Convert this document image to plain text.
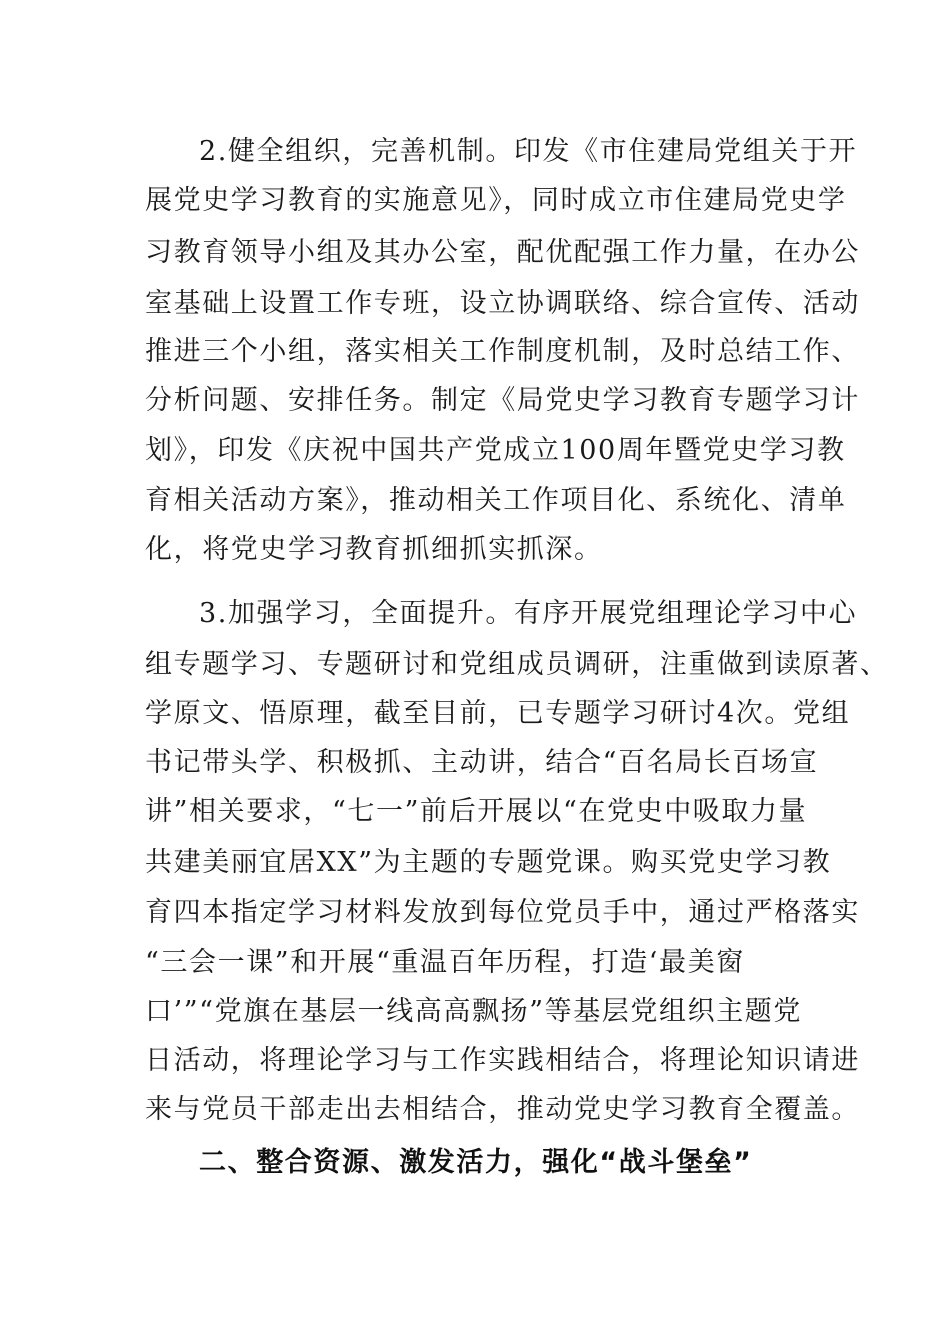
2.健全组织，完善机制。印发《市住建局党组关于开
展党史学习教育的实施意见》，同时成立市住建局党史学
习教育领导小组及其办公室，配优配强工作力量，在办公
室基础上设置工作专班，设立协调联络、综合宣传、活动
推进三个小组，落实相关工作制度机制，及时总结工作、
分析问题、安排任务。制定《局党史学习教育专题学习计
划》，印发《庆祝中国共产党成立100周年暨党史学习教
育相关活动方案》，推动相关工作项目化、系统化、清单
化，将党史学习教育抓细抓实抓深。
3.加强学习，全面提升。有序开展党组理论学习中心
组专题学习、专题研讨和党组成员调研，注重做到读原著、
学原文、悟原理，截至目前，已专题学习研讨4次。党组
书记带头学、积极抓、主动讲，结合“百名局长百场宣
讲”相关要求，“七一”前后开展以“在党史中吸取力量
共建美丽宜居XX”为主题的专题党课。购买党史学习教
育四本指定学习材料发放到每位党员手中，通过严格落实
“三会一课”和开展“重温百年历程，打造‘最美窗
口’”“党旗在基层一线高高飘扬”等基层党组织主题党
日活动，将理论学习与工作实践相结合，将理论知识请进
来与党员干部走出去相结合，推动党史学习教育全覆盖。
二、整合资源、激发活力，强化“战斗堡垒”
